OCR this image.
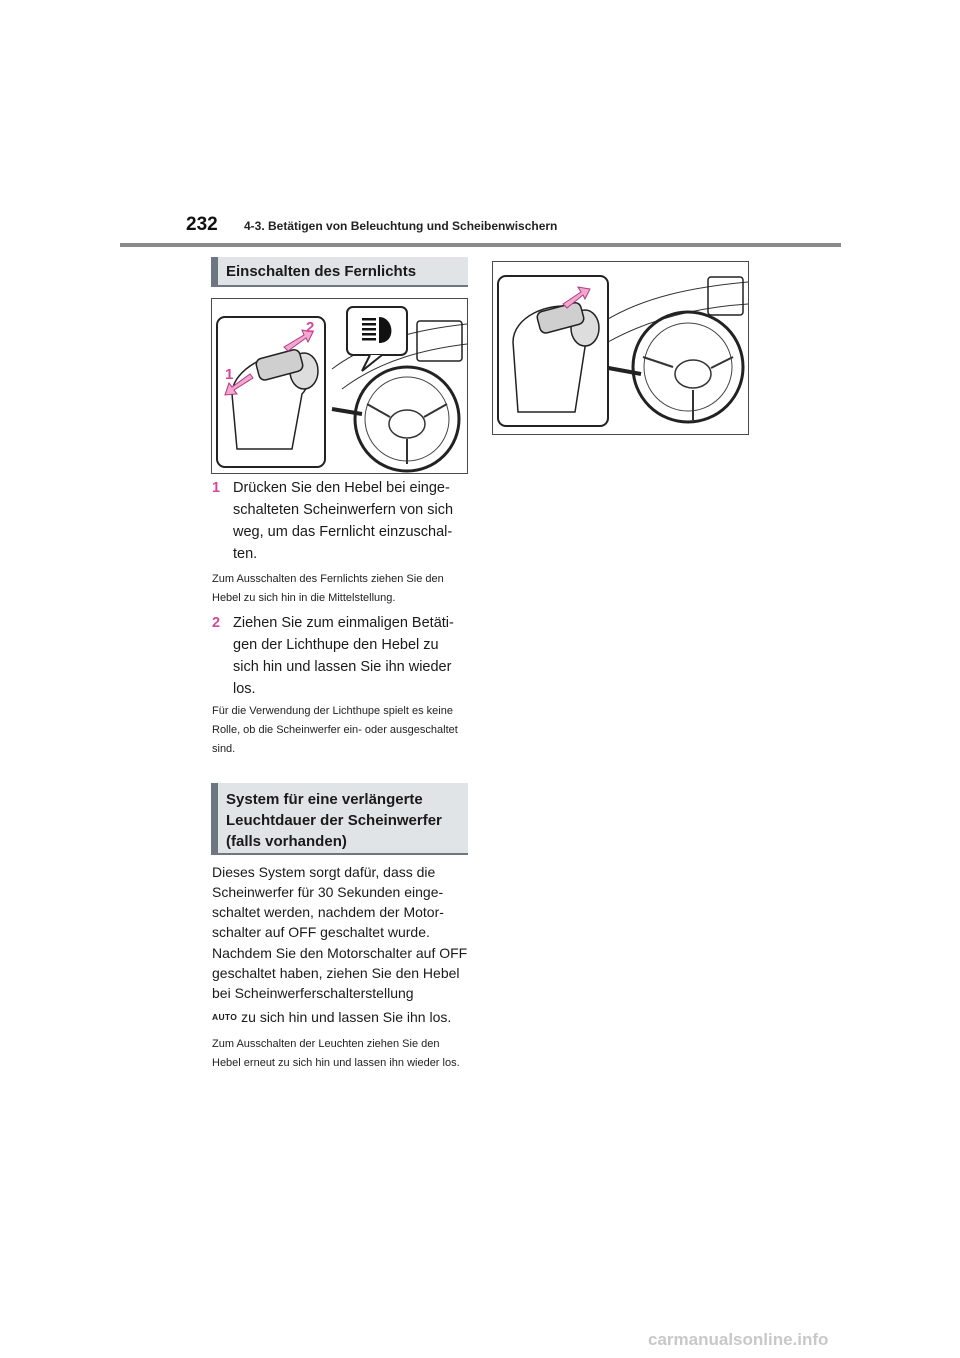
232 4-3. Betätigen von Beleuchtung und Scheibenwischern
Einschalten des Fernlichts
2
1
1 Drücken Sie den Hebel bei einge-schalteten Scheinwerfern von sich weg, um das Fernlicht einzuschal-ten.
Zum Ausschalten des Fernlichts ziehen Sie den Hebel zu sich hin in die Mittelstellung.
2 Ziehen Sie zum einmaligen Betäti-gen der Lichthupe den Hebel zu sich hin und lassen Sie ihn wieder los.
Für die Verwendung der Lichthupe spielt es keine Rolle, ob die Scheinwerfer ein- oder ausgeschaltet sind.
System für eine verlängerte Leuchtdauer der Scheinwerfer (falls vorhanden)
Dieses System sorgt dafür, dass die Scheinwerfer für 30 Sekunden einge-schaltet werden, nachdem der Motor-schalter auf OFF geschaltet wurde.
Nachdem Sie den Motorschalter auf OFF geschaltet haben, ziehen Sie den Hebel bei Scheinwerferschalterstellung
AUTO zu sich hin und lassen Sie ihn los.
Zum Ausschalten der Leuchten ziehen Sie den Hebel erneut zu sich hin und lassen ihn wieder los.
carmanualsonline.info
